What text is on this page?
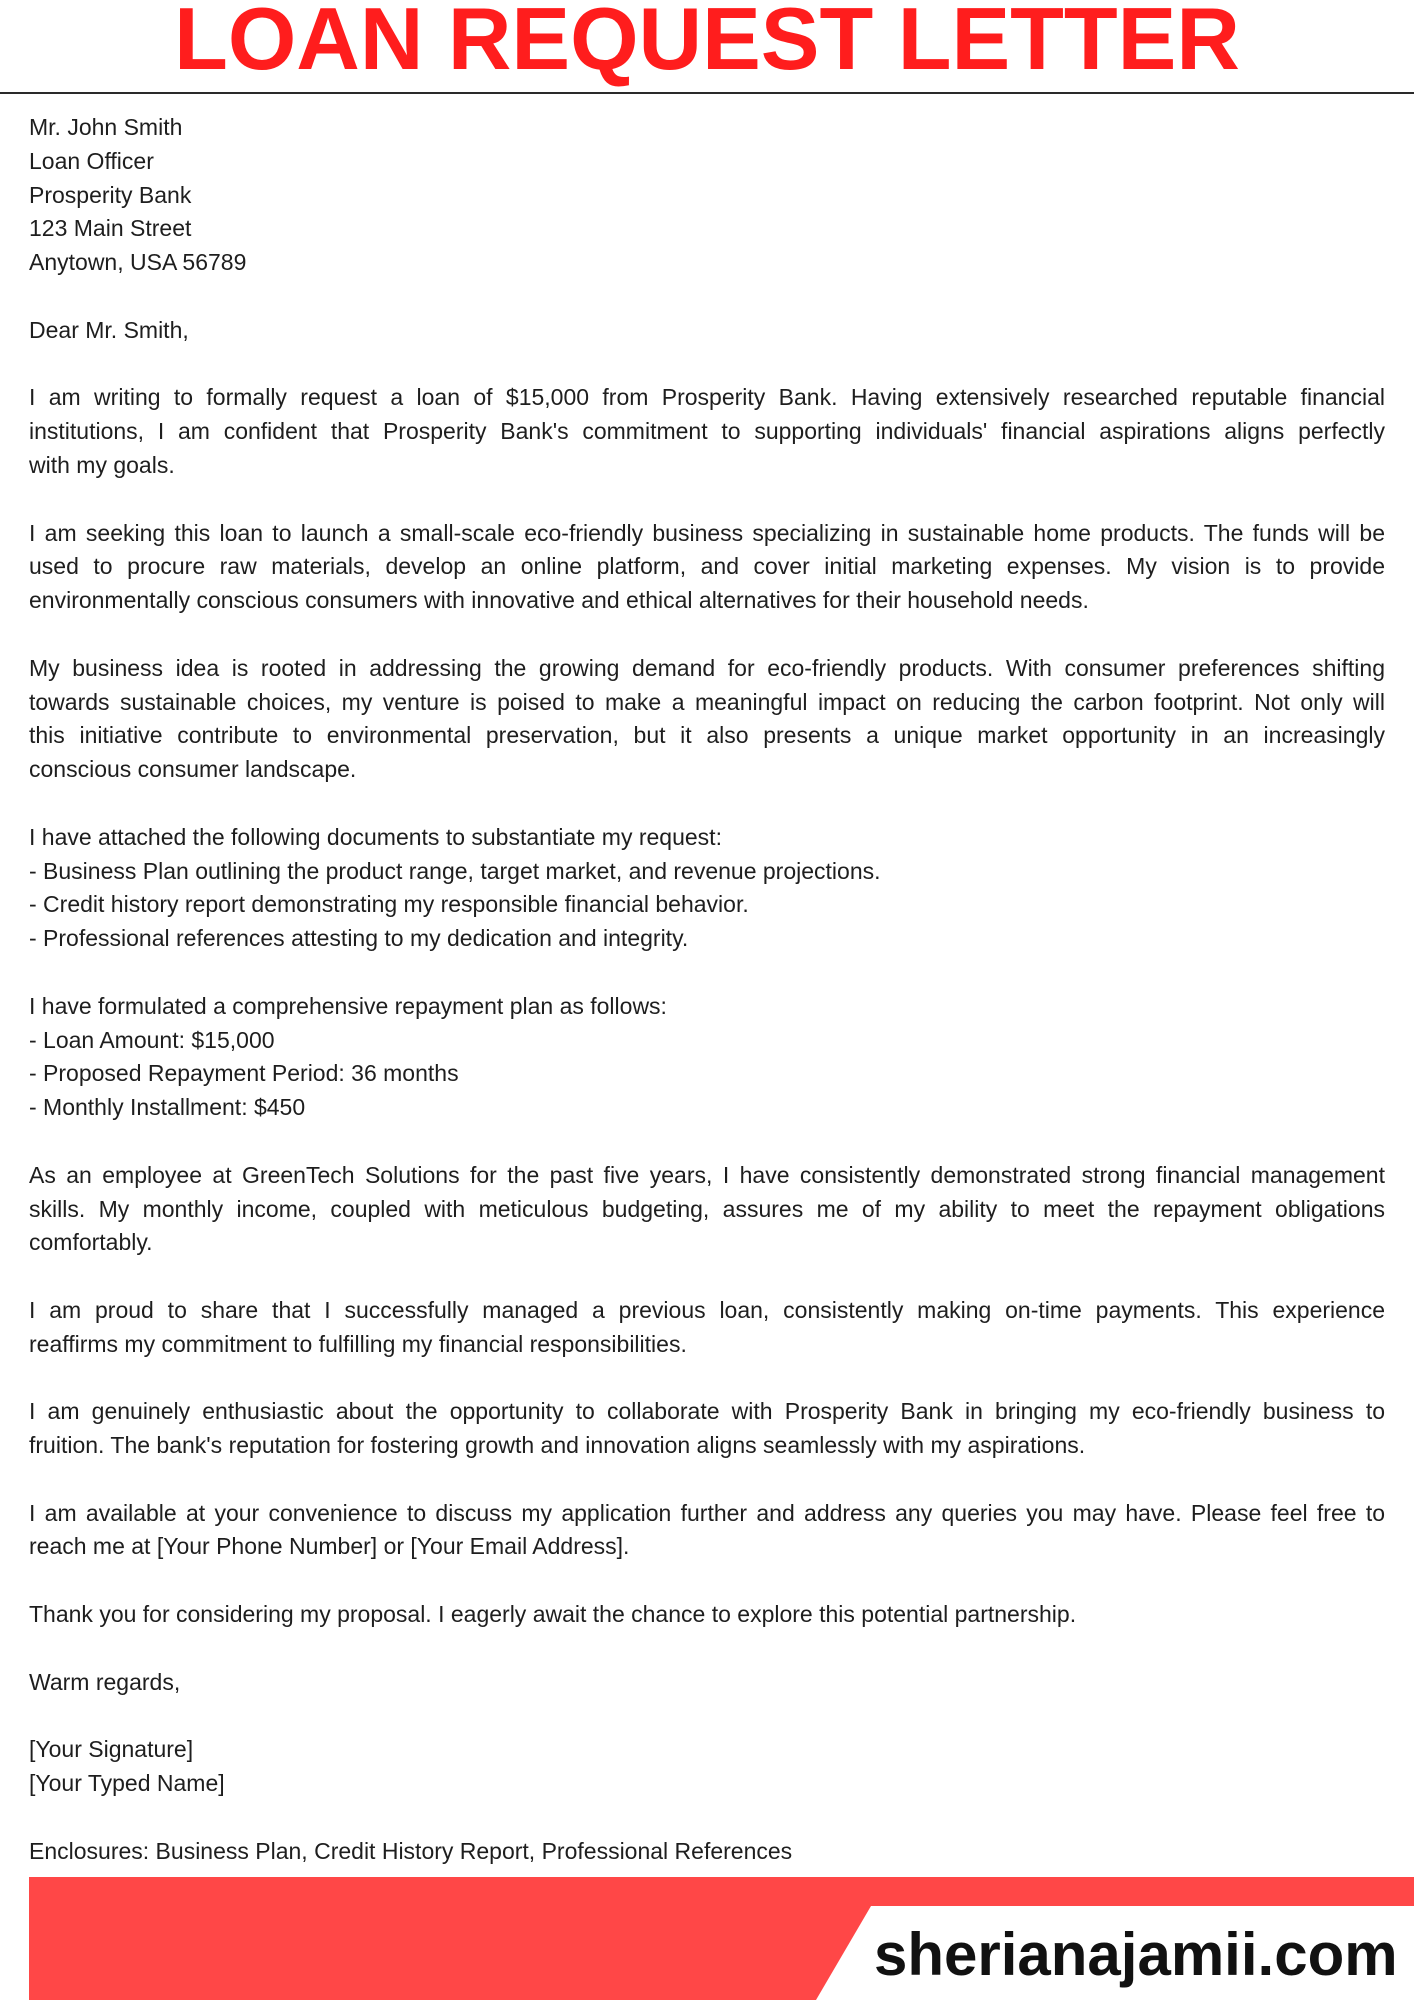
LOAN REQUEST LETTER
Mr. John Smith
Loan Officer
Prosperity Bank
123 Main Street
Anytown, USA 56789
Dear Mr. Smith,
I am writing to formally request a loan of $15,000 from Prosperity Bank. Having extensively researched reputable financial
institutions, I am confident that Prosperity Bank's commitment to supporting individuals' financial aspirations aligns perfectly
with my goals.
I am seeking this loan to launch a small-scale eco-friendly business specializing in sustainable home products. The funds will be
used to procure raw materials, develop an online platform, and cover initial marketing expenses. My vision is to provide
environmentally conscious consumers with innovative and ethical alternatives for their household needs.
My business idea is rooted in addressing the growing demand for eco-friendly products. With consumer preferences shifting
towards sustainable choices, my venture is poised to make a meaningful impact on reducing the carbon footprint. Not only will
this initiative contribute to environmental preservation, but it also presents a unique market opportunity in an increasingly
conscious consumer landscape.
I have attached the following documents to substantiate my request:
- Business Plan outlining the product range, target market, and revenue projections.
- Credit history report demonstrating my responsible financial behavior.
- Professional references attesting to my dedication and integrity.
I have formulated a comprehensive repayment plan as follows:
- Loan Amount: $15,000
- Proposed Repayment Period: 36 months
- Monthly Installment: $450
As an employee at GreenTech Solutions for the past five years, I have consistently demonstrated strong financial management
skills. My monthly income, coupled with meticulous budgeting, assures me of my ability to meet the repayment obligations
comfortably.
I am proud to share that I successfully managed a previous loan, consistently making on-time payments. This experience
reaffirms my commitment to fulfilling my financial responsibilities.
I am genuinely enthusiastic about the opportunity to collaborate with Prosperity Bank in bringing my eco-friendly business to
fruition. The bank's reputation for fostering growth and innovation aligns seamlessly with my aspirations.
I am available at your convenience to discuss my application further and address any queries you may have. Please feel free to
reach me at [Your Phone Number] or [Your Email Address].
Thank you for considering my proposal. I eagerly await the chance to explore this potential partnership.
Warm regards,
[Your Signature]
[Your Typed Name]
Enclosures: Business Plan, Credit History Report, Professional References
sherianajamii.com
